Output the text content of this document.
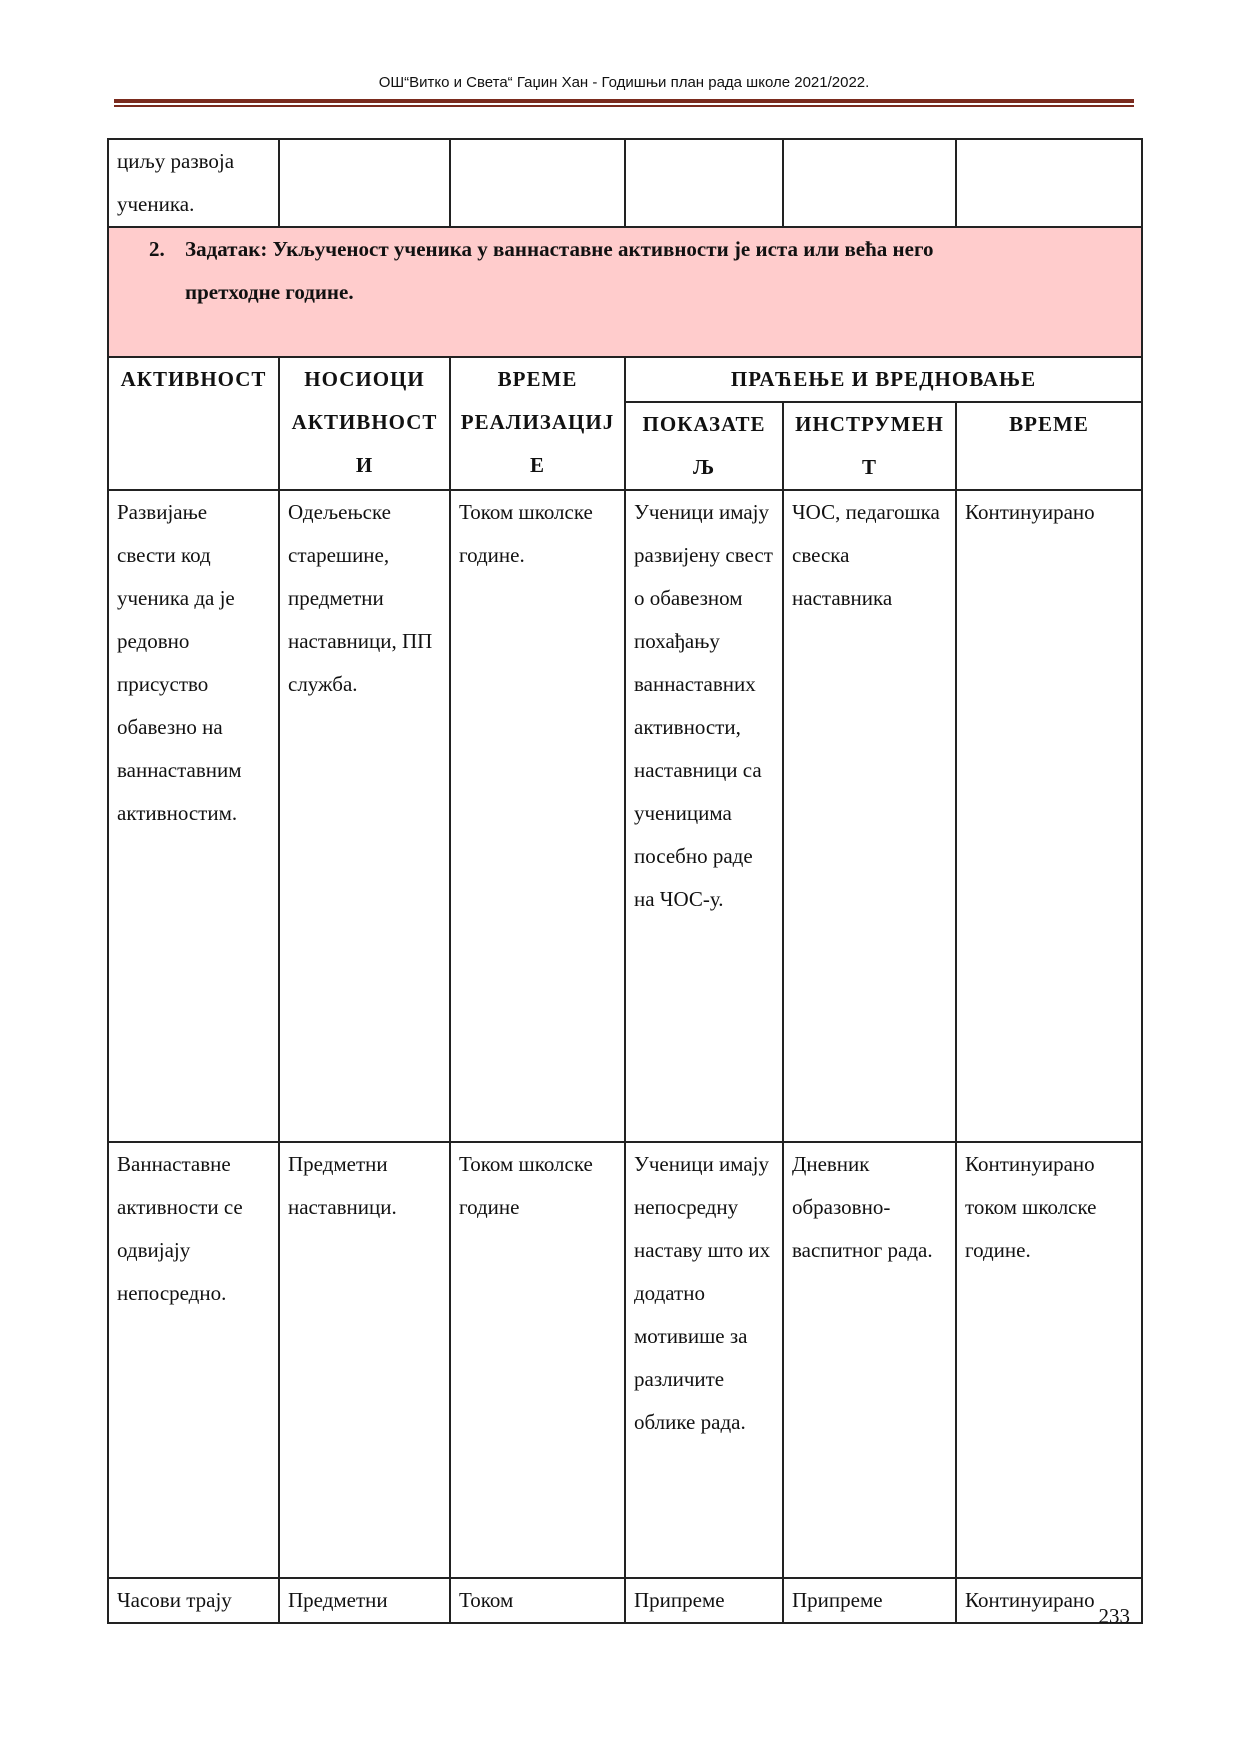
ОШ“Витко и Света“ Гаџин Хан - Годишњи план рада школе 2021/2022.
циљу развоја ученика.					

2. Задатак: Укљученост ученика у ваннаставне активности је иста или већа него
претходне године.					

АКТИВНОСТ	НОСИОЦИ АКТИВНОСТИ	ВРЕМЕ РЕАЛИЗАЦИЈЕ	ПРАЋЕЊЕ И ВРЕДНОВАЊЕ		
			ПОКАЗАТЕЉ	ИНСТРУМЕНТ	ВРЕМЕ
Развијање свести код ученика да је редовно присуство обавезно на ваннаставним активностим.	Одељењске старешине, предметни наставници, ПП служба.	Током школске године.	Ученици имају развијену свест о обавезном похађању ваннаставних активности, наставници са ученицима посебно раде на ЧОС-у.	ЧОС, педагошка свеска наставника	Континуирано
Ваннаставне активности се одвијају непосредно.	Предметни наставници.	Током школске године	Ученици имају непосредну наставу што их додатно мотивише за различите облике рада.	Дневник образовно-васпитног рада.	Континуирано током школске године.
Часови трају	Предметни	Током	Припреме	Припреме	Континуирано
233
